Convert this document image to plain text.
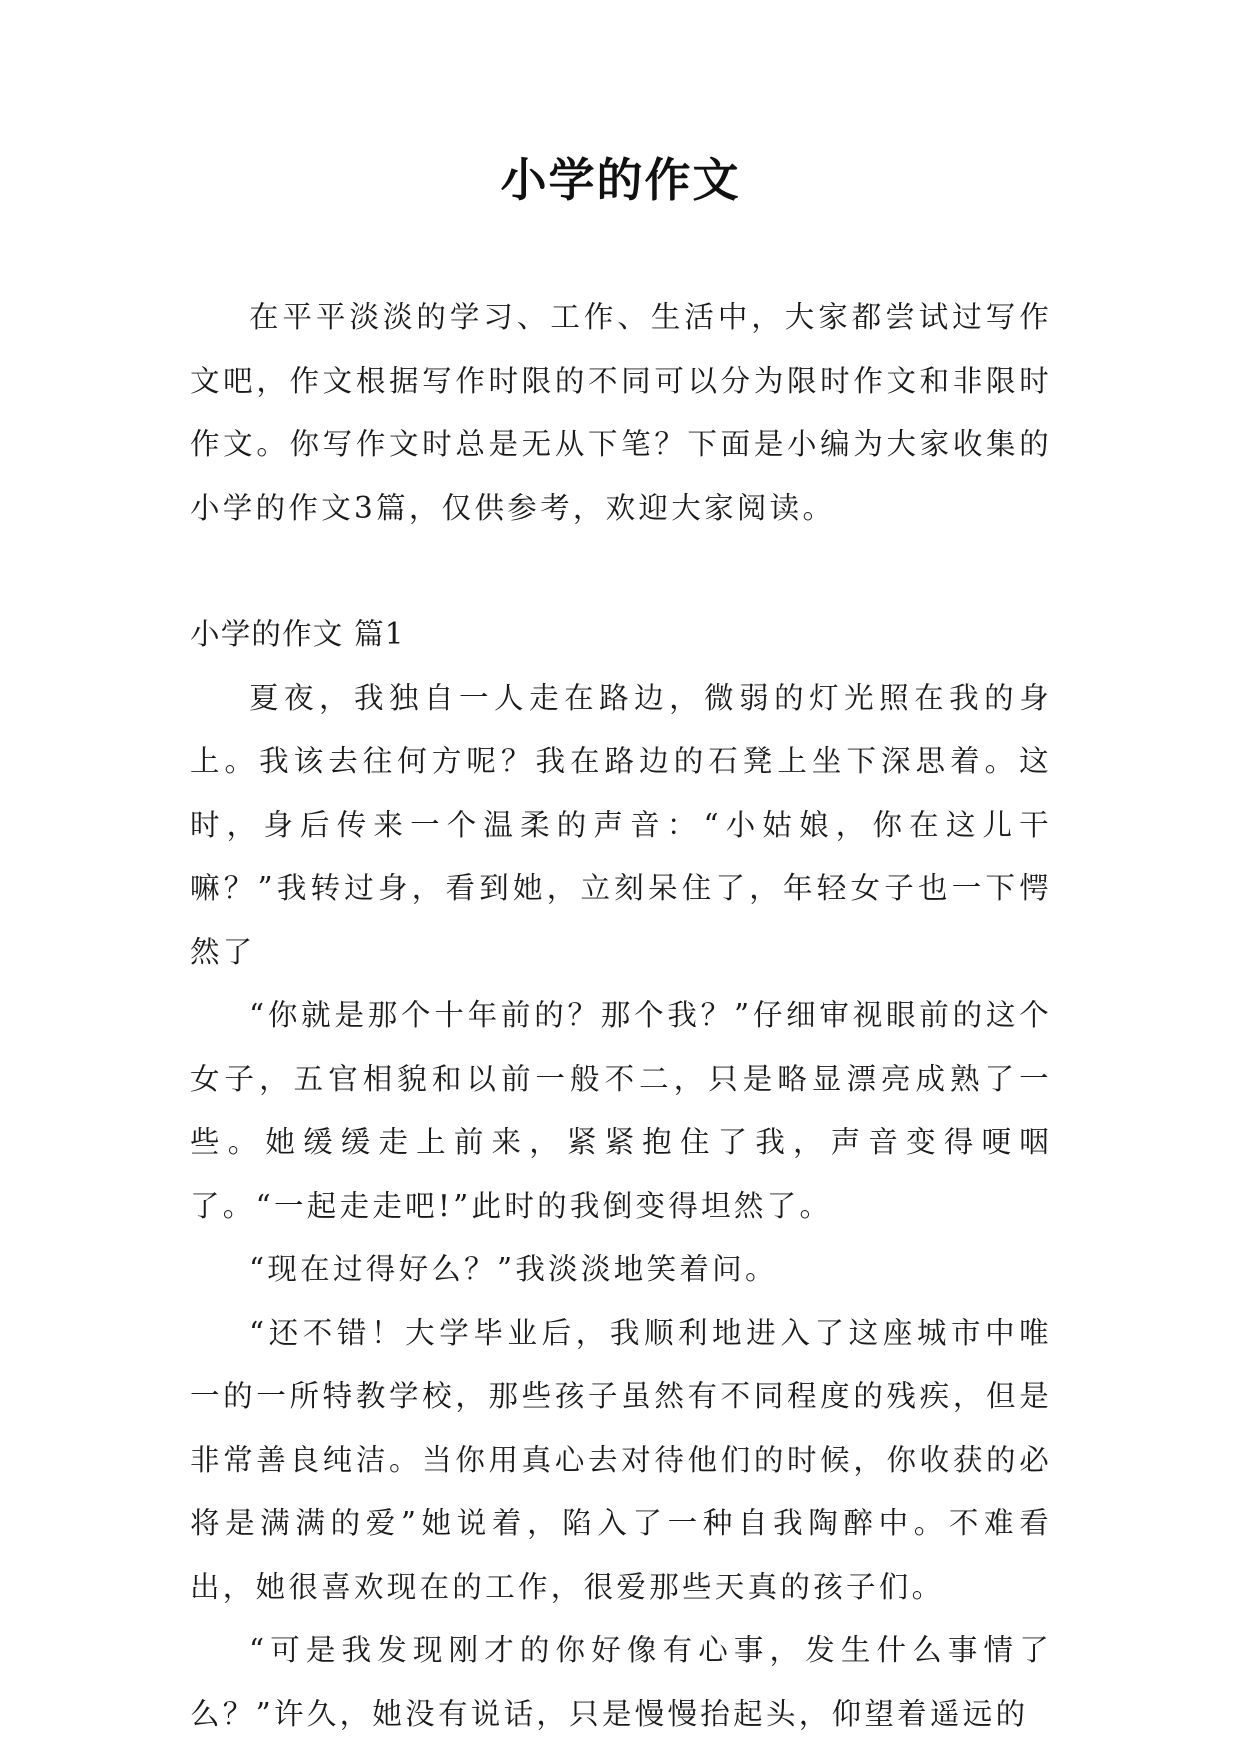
小学的作文

在平平淡淡的学习、工作、生活中，大家都尝试过写作文吧，作文根据写作时限的不同可以分为限时作文和非限时作文。你写作文时总是无从下笔？下面是小编为大家收集的小学的作文3篇，仅供参考，欢迎大家阅读。

小学的作文 篇1

夏夜，我独自一人走在路边，微弱的灯光照在我的身上。我该去往何方呢？我在路边的石凳上坐下深思着。这时，身后传来一个温柔的声音：“小姑娘，你在这儿干嘛？”我转过身，看到她，立刻呆住了，年轻女子也一下愕然了

“你就是那个十年前的？那个我？”仔细审视眼前的这个女子，五官相貌和以前一般不二，只是略显漂亮成熟了一些。她缓缓走上前来，紧紧抱住了我，声音变得哽咽了。“一起走走吧!”此时的我倒变得坦然了。

“现在过得好么？”我淡淡地笑着问。

“还不错！大学毕业后，我顺利地进入了这座城市中唯一的一所特教学校，那些孩子虽然有不同程度的残疾，但是非常善良纯洁。当你用真心去对待他们的时候，你收获的必将是满满的爱”她说着，陷入了一种自我陶醉中。不难看出，她很喜欢现在的工作，很爱那些天真的孩子们。

“可是我发现刚才的你好像有心事，发生什么事情了么？”许久，她没有说话，只是慢慢抬起头，仰望着遥远的
